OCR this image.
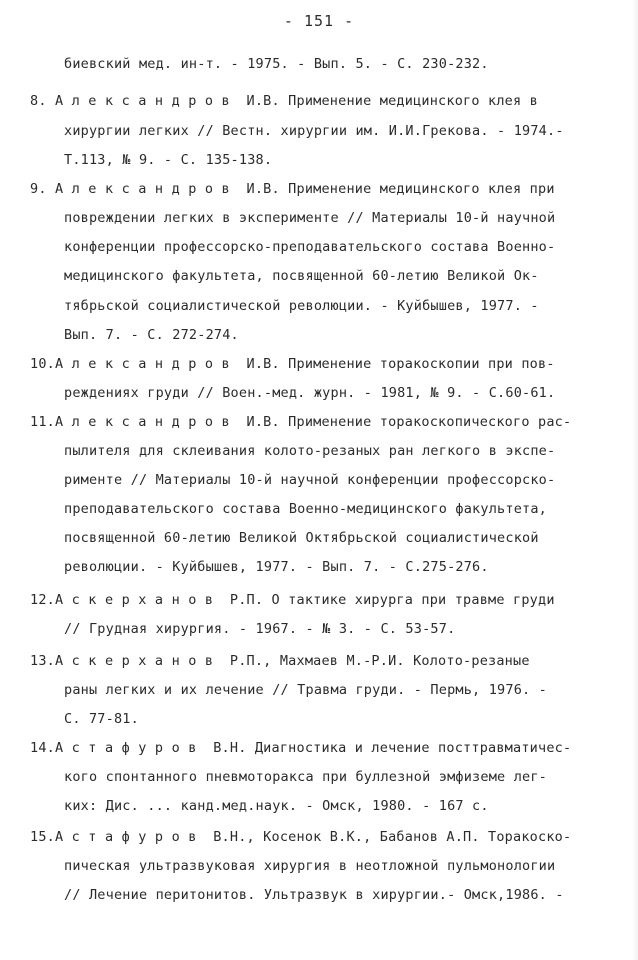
- 151 -
биевский мед. ин-т. - 1975. - Вып. 5. - С. 230-232.
8. А л е к с а н д р о в  И.В. Применение медицинского клея в
хирургии легких // Вестн. хирургии им. И.И.Грекова. - 1974.-
Т.113, № 9. - С. 135-138.
9. А л е к с а н д р о в  И.В. Применение медицинского клея при
повреждении легких в эксперименте // Материалы 10-й научной
конференции профессорско-преподавательского состава Военно-
медицинского факультета, посвященной 60-летию Великой Ок-
тябрьской социалистической революции. - Куйбышев, 1977. -
Вып. 7. - С. 272-274.
10.А л е к с а н д р о в  И.В. Применение торакоскопии при пов-
реждениях груди // Воен.-мед. журн. - 1981, № 9. - С.60-61.
11.А л е к с а н д р о в  И.В. Применение торакоскопического рас-
пылителя для склеивания колото-резаных ран легкого в экспе-
рименте // Материалы 10-й научной конференции профессорско-
преподавательского состава Военно-медицинского факультета,
посвященной 60-летию Великой Октябрьской социалистической
революции. - Куйбышев, 1977. - Вып. 7. - С.275-276.
12.А с к е р х а н о в  Р.П. О тактике хирурга при травме груди
// Грудная хирургия. - 1967. - № 3. - С. 53-57.
13.А с к е р х а н о в  Р.П., Махмаев М.-Р.И. Колото-резаные
раны легких и их лечение // Травма груди. - Пермь, 1976. -
С. 77-81.
14.А с т а ф у р о в  В.Н. Диагностика и лечение посттравматичес-
кого спонтанного пневмоторакса при буллезной эмфиземе лег-
ких: Дис. ... канд.мед.наук. - Омск, 1980. - 167 с.
15.А с т а ф у р о в  В.Н., Косенок В.К., Бабанов А.П. Торакоско-
пическая ультразвуковая хирургия в неотложной пульмонологии
// Лечение перитонитов. Ультразвук в хирургии.- Омск,1986. -
